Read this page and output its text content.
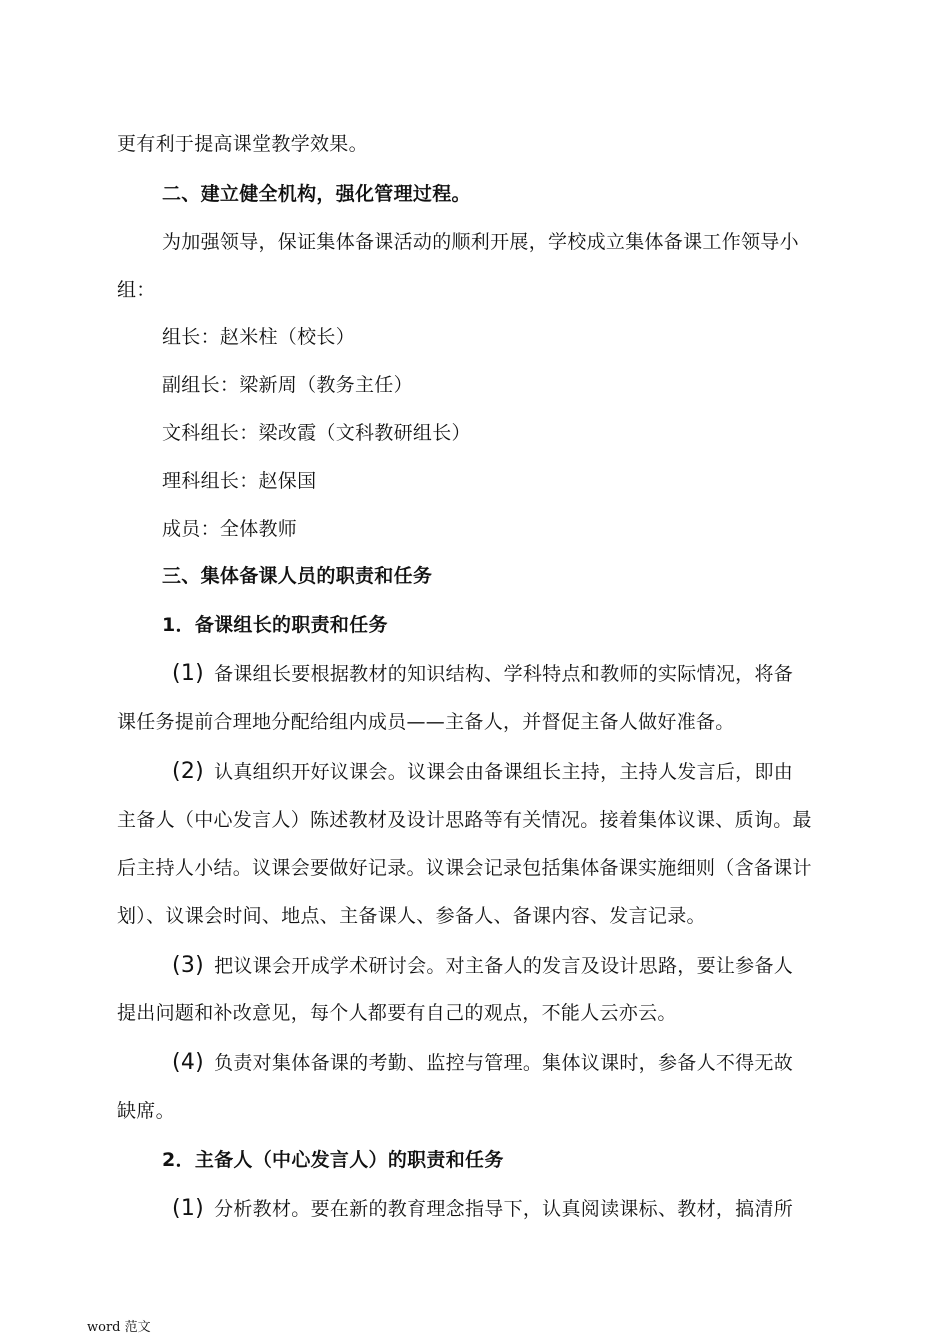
更有利于提高课堂教学效果。
二、建立健全机构，强化管理过程。
为加强领导，保证集体备课活动的顺利开展，学校成立集体备课工作领导小
组：
组长：赵米柱（校长）
副组长：梁新周（教务主任）
文科组长：梁改霞（文科教研组长）
理科组长：赵保国
成员：全体教师
三、集体备课人员的职责和任务
1．备课组长的职责和任务
(1) 备课组长要根据教材的知识结构、学科特点和教师的实际情况，将备
课任务提前合理地分配给组内成员——主备人，并督促主备人做好准备。
(2) 认真组织开好议课会。议课会由备课组长主持，主持人发言后，即由
主备人（中心发言人）陈述教材及设计思路等有关情况。接着集体议课、质询。最
后主持人小结。议课会要做好记录。议课会记录包括集体备课实施细则（含备课计
划）、议课会时间、地点、主备课人、参备人、备课内容、发言记录。
(3) 把议课会开成学术研讨会。对主备人的发言及设计思路，要让参备人
提出问题和补改意见，每个人都要有自己的观点，不能人云亦云。
(4) 负责对集体备课的考勤、监控与管理。集体议课时，参备人不得无故
缺席。
2．主备人（中心发言人）的职责和任务
(1) 分析教材。要在新的教育理念指导下，认真阅读课标、教材，搞清所
word 范文
